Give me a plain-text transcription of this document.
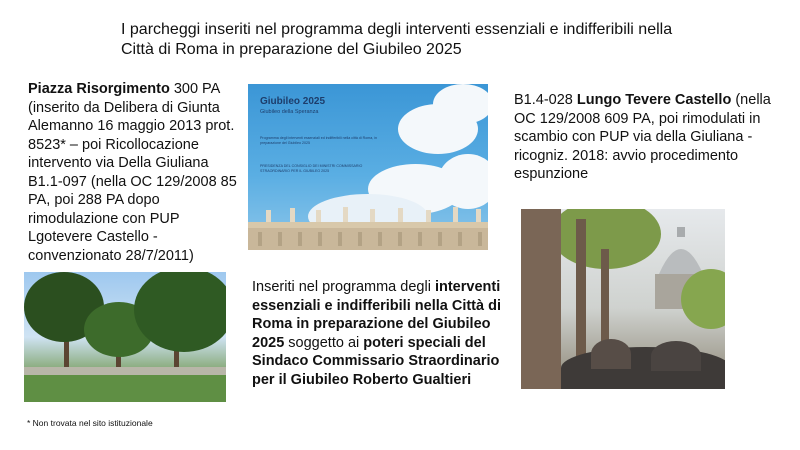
I parcheggi inseriti nel programma degli interventi essenziali e indifferibili nella
Città di Roma in preparazione del Giubileo 2025
Piazza Risorgimento 300 PA (inserito da Delibera di Giunta Alemanno 16 maggio 2013 prot. 8523* – poi Ricollocazione intervento via Della Giuliana B1.1-097 (nella OC 129/2008 85 PA, poi 288 PA dopo rimodulazione con PUP Lgotevere Castello - convenzionato 28/7/2011)
Giubileo 2025
Giubileo della Speranza
Programma degli interventi essenziali ed indifferibili nella città di Roma, in preparazione del Giubileo 2025
PRESIDENZA DEL CONSIGLIO DEI MINISTRI COMMISSARIO STRAORDINARIO PER IL GIUBILEO 2025
B1.4-028 Lungo Tevere Castello (nella OC 129/2008 609 PA, poi rimodulati in scambio con PUP via della Giuliana - ricogniz. 2018: avvio procedimento espunzione
Inseriti nel programma degli interventi essenziali e indifferibili nella Città di Roma in preparazione del Giubileo 2025 soggetto ai poteri speciali del Sindaco Commissario Straordinario per il Giubileo Roberto Gualtieri
* Non trovata nel sito istituzionale
